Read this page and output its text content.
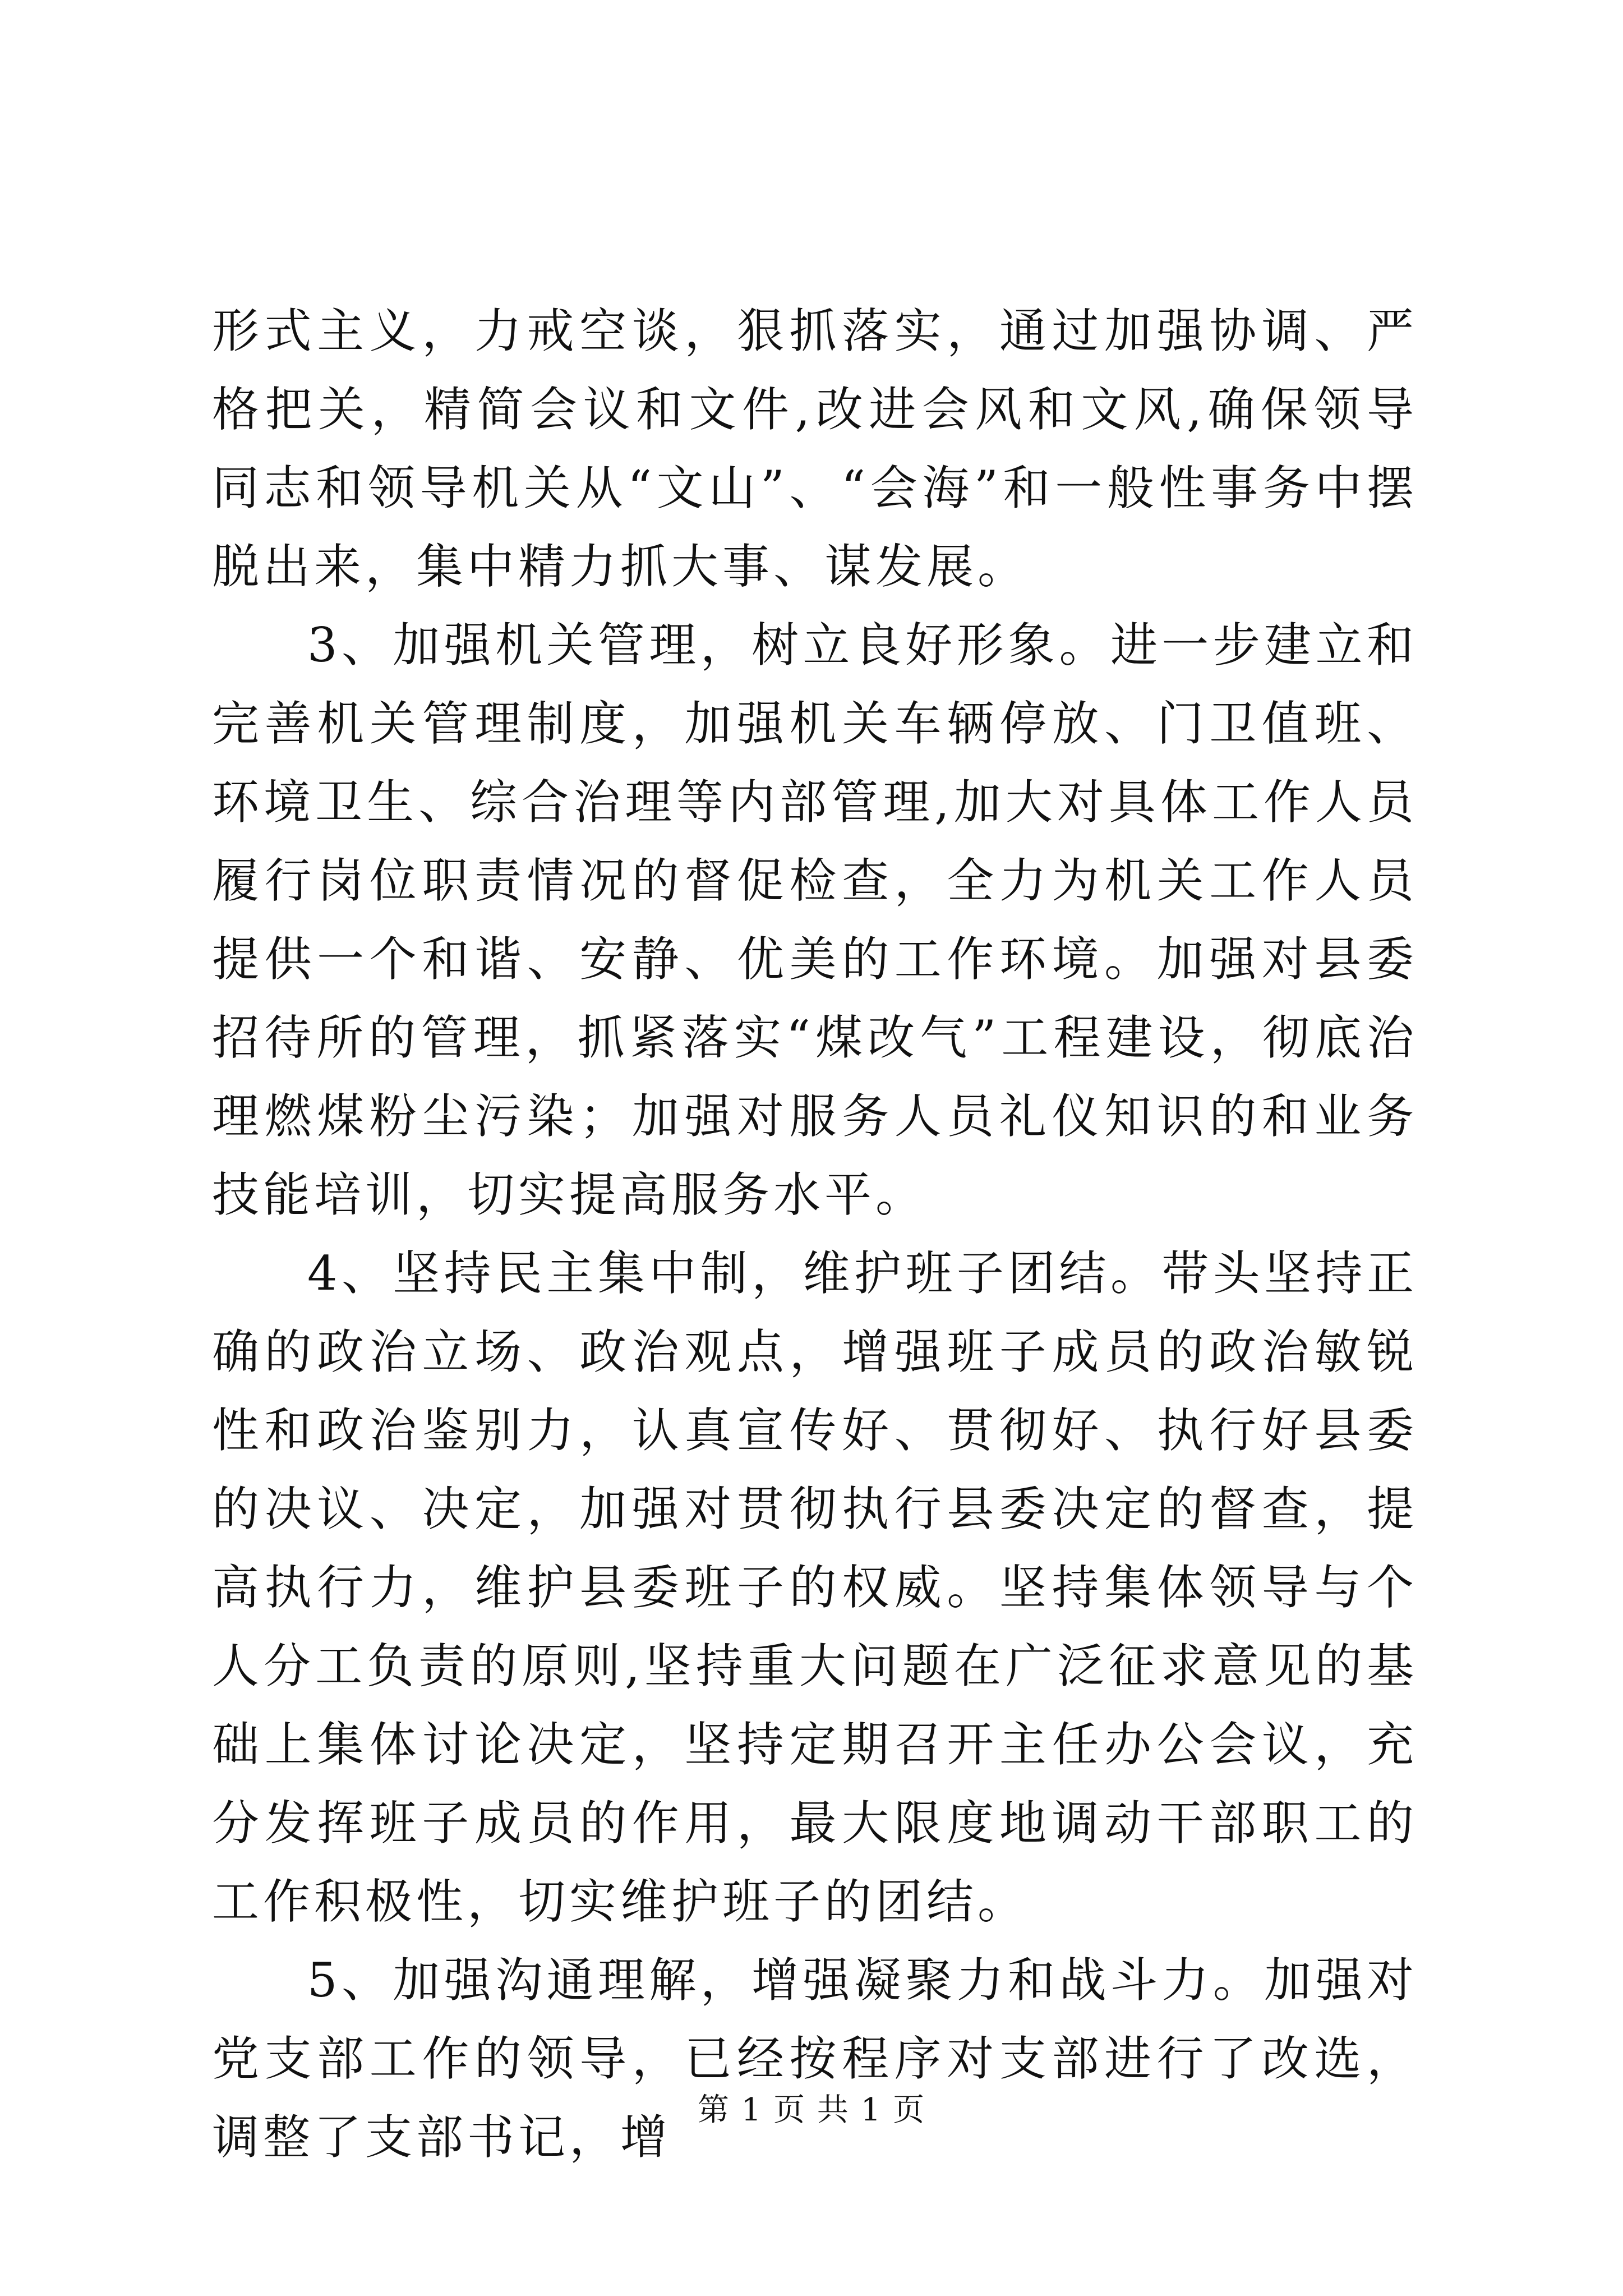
形式主义，力戒空谈，狠抓落实，通过加强协调、严格把关，精简会议和文件,改进会风和文风,确保领导同志和领导机关从“文山”、“会海”和一般性事务中摆脱出来，集中精力抓大事、谋发展。

3、加强机关管理，树立良好形象。进一步建立和完善机关管理制度，加强机关车辆停放、门卫值班、环境卫生、综合治理等内部管理,加大对具体工作人员履行岗位职责情况的督促检查，全力为机关工作人员提供一个和谐、安静、优美的工作环境。加强对县委招待所的管理，抓紧落实“煤改气”工程建设，彻底治理燃煤粉尘污染；加强对服务人员礼仪知识的和业务技能培训，切实提高服务水平。

4、坚持民主集中制，维护班子团结。带头坚持正确的政治立场、政治观点，增强班子成员的政治敏锐性和政治鉴别力，认真宣传好、贯彻好、执行好县委的决议、决定，加强对贯彻执行县委决定的督查，提高执行力，维护县委班子的权威。坚持集体领导与个人分工负责的原则,坚持重大问题在广泛征求意见的基础上集体讨论决定，坚持定期召开主任办公会议，充分发挥班子成员的作用，最大限度地调动干部职工的工作积极性，切实维护班子的团结。

5、加强沟通理解，增强凝聚力和战斗力。加强对党支部工作的领导，已经按程序对支部进行了改选，调整了支部书记，增 第 1 页 共 1 页
